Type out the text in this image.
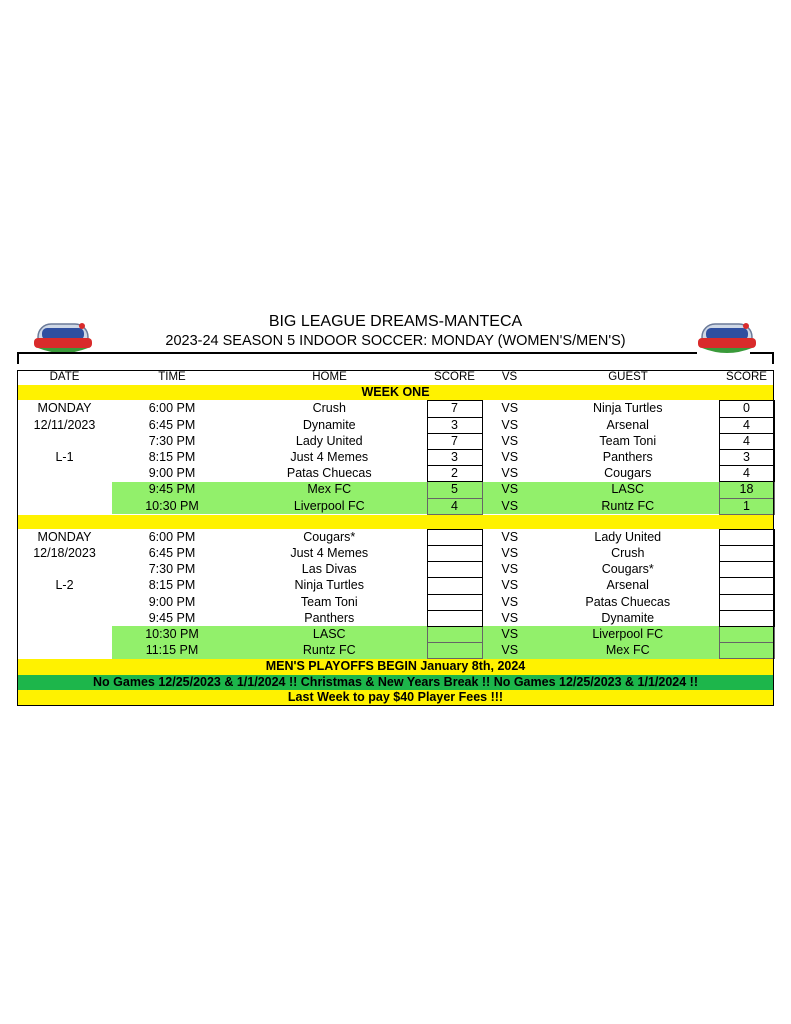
BIG LEAGUE DREAMS-MANTECA
2023-24 SEASON 5 INDOOR SOCCER: MONDAY (WOMEN'S/MEN'S)
DATE	TIME	HOME	SCORE	VS	GUEST	SCORE
WEEK ONE						
MONDAY	6:00 PM	Crush	7	VS	Ninja Turtles	0
12/11/2023	6:45 PM	Dynamite	3	VS	Arsenal	4
	7:30 PM	Lady United	7	VS	Team Toni	4
L-1	8:15 PM	Just 4 Memes	3	VS	Panthers	3
	9:00 PM	Patas Chuecas	2	VS	Cougars	4
	9:45 PM	Mex FC	5	VS	LASC	18
	10:30 PM	Liverpool FC	4	VS	Runtz FC	1

MONDAY	6:00 PM	Cougars*		VS	Lady United	
12/18/2023	6:45 PM	Just 4 Memes		VS	Crush	
	7:30 PM	Las Divas		VS	Cougars*	
L-2	8:15 PM	Ninja Turtles		VS	Arsenal	
	9:00 PM	Team Toni		VS	Patas Chuecas	
	9:45 PM	Panthers		VS	Dynamite	
	10:30 PM	LASC		VS	Liverpool FC	
	11:15 PM	Runtz FC		VS	Mex FC	
MEN'S PLAYOFFS BEGIN January 8th, 2024						
No Games 12/25/2023 & 1/1/2024 !! Christmas & New Years Break !! No Games 12/25/2023 & 1/1/2024 !!						
Last Week to pay $40 Player Fees !!!						
